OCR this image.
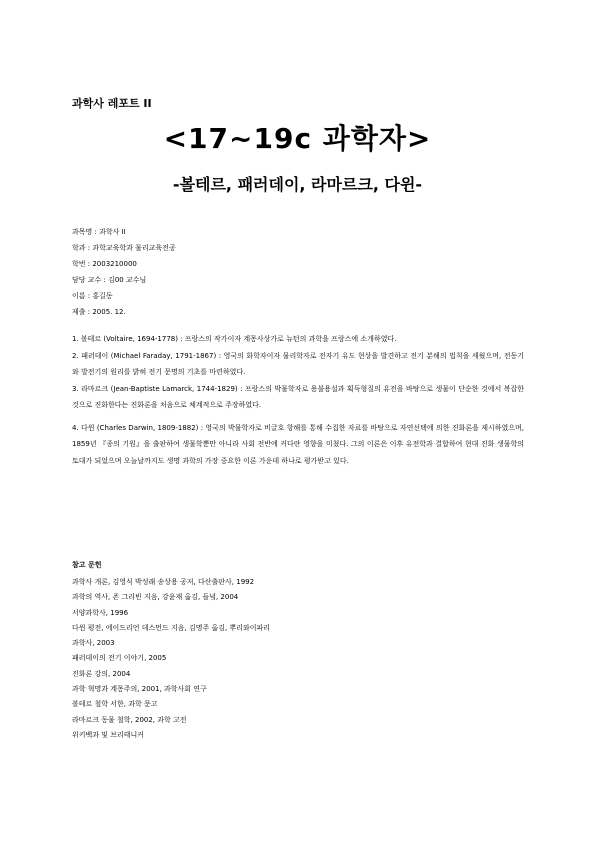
과학사 레포트 II
<17~19c 과학자>
-볼테르, 패러데이, 라마르크, 다윈-
과목명 : 과학사 II
학과 : 과학교육학과 물리교육전공
학번 : 2003210000
담당 교수 : 김00 교수님
이름 : 홍길동
제출 : 2005. 12.

1. 볼테르 (Voltaire, 1694-1778) : 프랑스의 작가이자 계몽사상가로 뉴턴의 과학을 프랑스에 소개하였다.

2. 패러데이 (Michael Faraday, 1791-1867) : 영국의 화학자이자 물리학자로 전자기 유도 현상을 발견하고 전기 분해의 법칙을 세웠으며, 전동기와 발전기의 원리를 밝혀 전기 문명의 기초를 마련하였다.

3. 라마르크 (Jean-Baptiste Lamarck, 1744-1829) : 프랑스의 박물학자로 용불용설과 획득형질의 유전을 바탕으로 생물이 단순한 것에서 복잡한 것으로 진화한다는 진화론을 처음으로 체계적으로 주장하였다.

4. 다윈 (Charles Darwin, 1809-1882) : 영국의 박물학자로 비글호 항해를 통해 수집한 자료를 바탕으로 자연선택에 의한 진화론을 제시하였으며, 1859년 『종의 기원』을 출판하여 생물학뿐만 아니라 사회 전반에 커다란 영향을 미쳤다. 그의 이론은 이후 유전학과 결합하여 현대 진화 생물학의 토대가 되었으며 오늘날까지도 생명 과학의 가장 중요한 이론 가운데 하나로 평가받고 있다.

참고 문헌
과학사 개론, 김영식 박성래 송상용 공저, 다산출판사, 1992
과학의 역사, 존 그리빈 지음, 강윤재 옮김, 들녘, 2004
서양과학사, 1996
다윈 평전, 에이드리언 데스먼드 지음, 김명주 옮김, 뿌리와이파리
과학사, 2003
패러데이의 전기 이야기, 2005
진화론 강의, 2004
과학 혁명과 계몽주의, 2001, 과학사회 연구
볼테르 철학 서한, 과학 문고
라마르크 동물 철학, 2002, 과학 고전
위키백과 및 브리태니커
